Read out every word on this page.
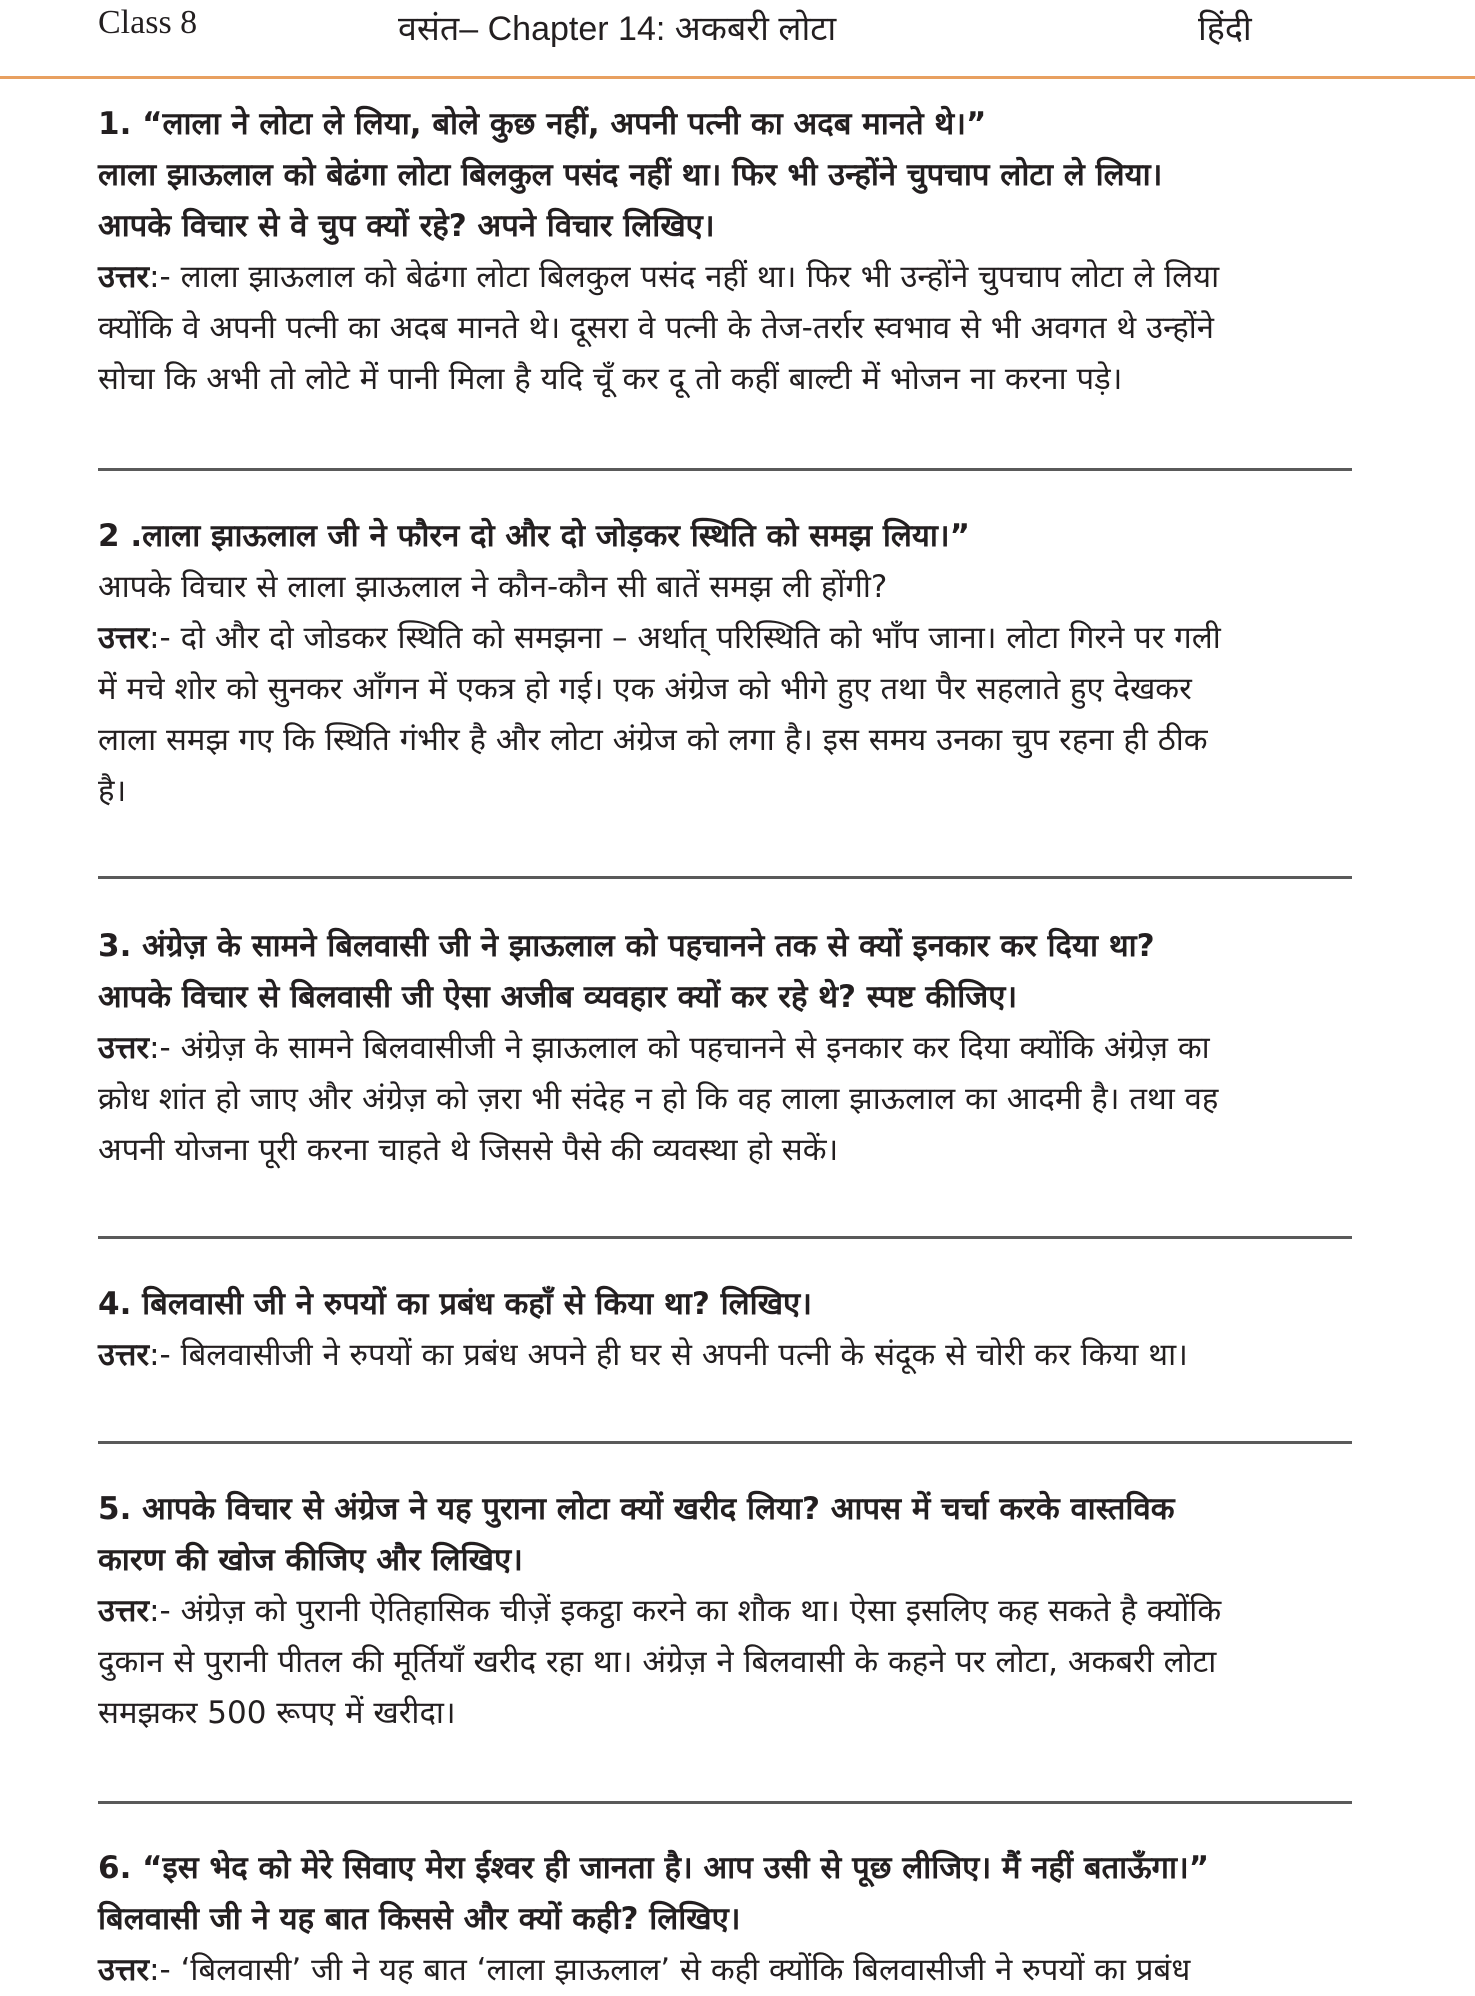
Class 8	वसंत– Chapter 14: अकबरी लोटा	हिंदी
1. “लाला ने लोटा ले लिया, बोले कुछ नहीं, अपनी पत्नी का अदब मानते थे।”
लाला झाऊलाल को बेढंगा लोटा बिलकुल पसंद नहीं था। फिर भी उन्होंने चुपचाप लोटा ले लिया।
आपके विचार से वे चुप क्यों रहे? अपने विचार लिखिए।
उत्तर:- लाला झाऊलाल को बेढंगा लोटा बिलकुल पसंद नहीं था। फिर भी उन्होंने चुपचाप लोटा ले लिया
क्योंकि वे अपनी पत्नी का अदब मानते थे। दूसरा वे पत्नी के तेज-तर्रार स्वभाव से भी अवगत थे उन्होंने
सोचा कि अभी तो लोटे में पानी मिला है यदि चूँ कर दू तो कहीं बाल्टी में भोजन ना करना पड़े।
2 .लाला झाऊलाल जी ने फौरन दो और दो जोड़कर स्थिति को समझ लिया।”
आपके विचार से लाला झाऊलाल ने कौन-कौन सी बातें समझ ली होंगी?
उत्तर:- दो और दो जोडकर स्थिति को समझना – अर्थात् परिस्थिति को भाँप जाना। लोटा गिरने पर गली
में मचे शोर को सुनकर आँगन में एकत्र हो गई। एक अंग्रेज को भीगे हुए तथा पैर सहलाते हुए देखकर
लाला समझ गए कि स्थिति गंभीर है और लोटा अंग्रेज को लगा है। इस समय उनका चुप रहना ही ठीक
है।
3. अंग्रेज़ के सामने बिलवासी जी ने झाऊलाल को पहचानने तक से क्यों इनकार कर दिया था?
आपके विचार से बिलवासी जी ऐसा अजीब व्यवहार क्यों कर रहे थे? स्पष्ट कीजिए।
उत्तर:- अंग्रेज़ के सामने बिलवासीजी ने झाऊलाल को पहचानने से इनकार कर दिया क्योंकि अंग्रेज़ का
क्रोध शांत हो जाए और अंग्रेज़ को ज़रा भी संदेह न हो कि वह लाला झाऊलाल का आदमी है। तथा वह
अपनी योजना पूरी करना चाहते थे जिससे पैसे की व्यवस्था हो सकें।
4. बिलवासी जी ने रुपयों का प्रबंध कहाँ से किया था? लिखिए।
उत्तर:- बिलवासीजी ने रुपयों का प्रबंध अपने ही घर से अपनी पत्नी के संदूक से चोरी कर किया था।
5. आपके विचार से अंग्रेज ने यह पुराना लोटा क्यों खरीद लिया? आपस में चर्चा करके वास्तविक
कारण की खोज कीजिए और लिखिए।
उत्तर:- अंग्रेज़ को पुरानी ऐतिहासिक चीज़ें इकट्ठा करने का शौक था। ऐसा इसलिए कह सकते है क्योंकि
दुकान से पुरानी पीतल की मूर्तियाँ खरीद रहा था। अंग्रेज़ ने बिलवासी के कहने पर लोटा, अकबरी लोटा
समझकर 500 रूपए में खरीदा।
6. “इस भेद को मेरे सिवाए मेरा ईश्वर ही जानता है। आप उसी से पूछ लीजिए। मैं नहीं बताऊँगा।”
बिलवासी जी ने यह बात किससे और क्यों कही? लिखिए।
उत्तर:- ‘बिलवासी’ जी ने यह बात ‘लाला झाऊलाल’ से कही क्योंकि बिलवासीजी ने रुपयों का प्रबंध
